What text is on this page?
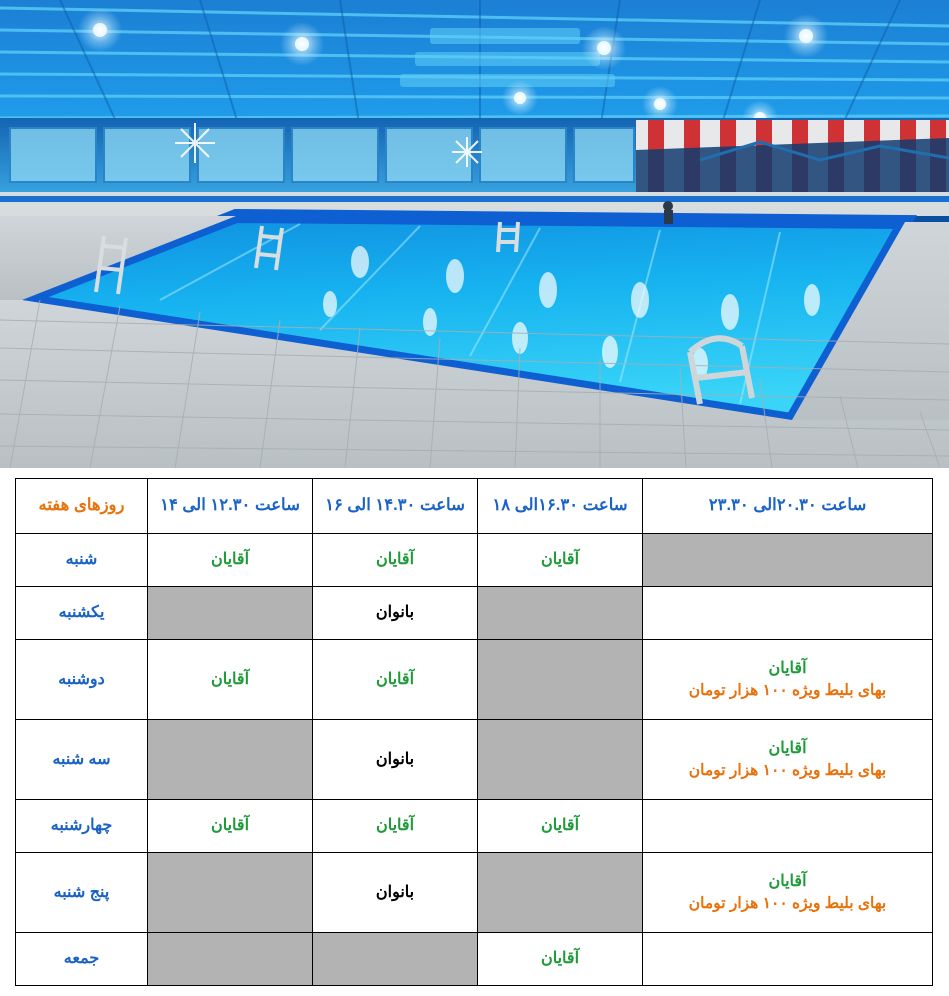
ساعت ۲۰.۳۰الی ۲۳.۳۰	ساعت ۱۶.۳۰الی ۱۸	ساعت ۱۴.۳۰ الی ۱۶	ساعت ۱۲.۳۰ الی ۱۴	روزهای هفته
	آقایان	آقایان	آقایان	شنبه
		بانوان		یکشنبه
آقایان
بهای بلیط ویژه ۱۰۰ هزار تومان		آقایان	آقایان	دوشنبه
آقایان
بهای بلیط ویژه ۱۰۰ هزار تومان		بانوان		سه شنبه
	آقایان	آقایان	آقایان	چهارشنبه
آقایان
بهای بلیط ویژه ۱۰۰ هزار تومان		بانوان		پنج شنبه
	آقایان			جمعه
